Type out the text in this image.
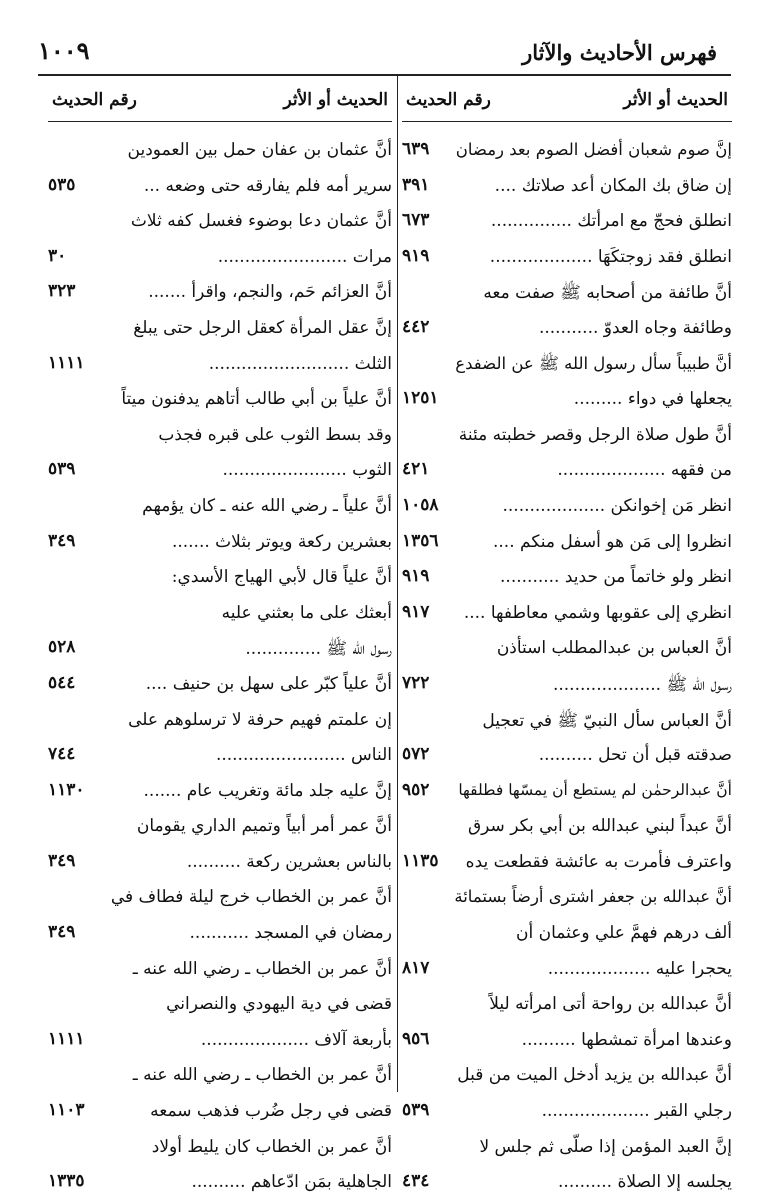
١٠٠٩	فهرس الأحاديث والآثار
الحديث أو الأثر
رقم الحديث
إنَّ صوم شعبان أفضل الصوم بعد رمضان
٦٣٩
إن ضاق بك المكان أعد صلاتك ....
٣٩١
انطلق فحجّ مع امرأتك ...............
٦٧٣
انطلق فقد زوجتكَهَا ...................
٩١٩
أنَّ طائفة من أصحابه ﷺ صفت معه
وطائفة وجاه العدوّ ...........
٤٤٢
أنَّ طبيباً سأل رسول الله ﷺ عن الضفدع
يجعلها في دواء .........
١٢٥١
أنَّ طول صلاة الرجل وقصر خطبته مئنة
من فقهه ....................
٤٢١
انظر مَن إخوانكن ...................
١٠٥٨
انظروا إلى مَن هو أسفل منكم ....
١٣٥٦
انظر ولو خاتماً من حديد ...........
٩١٩
انظري إلى عقوبها وشمي معاطفها ....
٩١٧
أنَّ العباس بن عبدالمطلب استأذن
رسول الله ﷺ ....................
٧٢٢
أنَّ العباس سأل النبيّ ﷺ في تعجيل
صدقته قبل أن تحل ..........
٥٧٢
أنَّ عبدالرحمٰن لم يستطع أن يمسّها فطلقها
٩٥٢
أنَّ عبداً لبني عبدالله بن أبي بكر سرق
واعترف فأمرت به عائشة فقطعت يده
١١٣٥
أنَّ عبدالله بن جعفر اشترى أرضاً بستمائة
ألف درهم فهمَّ علي وعثمان أن
يحجرا عليه ...................
٨١٧
أنَّ عبدالله بن رواحة أتى امرأته ليلاً
وعندها امرأة تمشطها ..........
٩٥٦
أنَّ عبدالله بن يزيد أدخل الميت من قبل
رجلي القبر ....................
٥٣٩
إنَّ العبد المؤمن إذا صلّى ثم جلس لا
يجلسه إلا الصلاة ..........
٤٣٤
الحديث أو الأثر
رقم الحديث
أنَّ عثمان بن عفان حمل بين العمودين
سرير أمه فلم يفارقه حتى وضعه ...
٥٣٥
أنَّ عثمان دعا بوضوء فغسل كفه ثلاث
مرات ........................
٣٠
أنَّ العزائم حَم، والنجم، واقرأ .......
٣٢٣
إنَّ عقل المرأة كعقل الرجل حتى يبلغ
الثلث ..........................
١١١١
أنَّ علياً بن أبي طالب أتاهم يدفنون ميتاً
وقد بسط الثوب على قبره فجذب
الثوب .......................
٥٣٩
أنَّ علياً ـ رضي الله عنه ـ كان يؤمهم
بعشرين ركعة ويوتر بثلاث .......
٣٤٩
أنَّ علياً قال لأبي الهياج الأسدي:
أبعثك على ما بعثني عليه
رسول الله ﷺ ..............
٥٢٨
أنَّ علياً كبّر على سهل بن حنيف ....
٥٤٤
إن علمتم فهيم حرفة لا ترسلوهم على
الناس ........................
٧٤٤
إنَّ عليه جلد مائة وتغريب عام .......
١١٣٠
أنَّ عمر أمر أبياً وتميم الداري يقومان
بالناس بعشرين ركعة ..........
٣٤٩
أنَّ عمر بن الخطاب خرج ليلة فطاف في
رمضان في المسجد ...........
٣٤٩
أنَّ عمر بن الخطاب ـ رضي الله عنه ـ
قضى في دية اليهودي والنصراني
بأربعة آلاف ....................
١١١١
أنَّ عمر بن الخطاب ـ رضي الله عنه ـ
قضى في رجل ضُرب فذهب سمعه
١١٠٣
أنَّ عمر بن الخطاب كان يليط أولاد
الجاهلية بمَن ادّعاهم ..........
١٣٣٥
